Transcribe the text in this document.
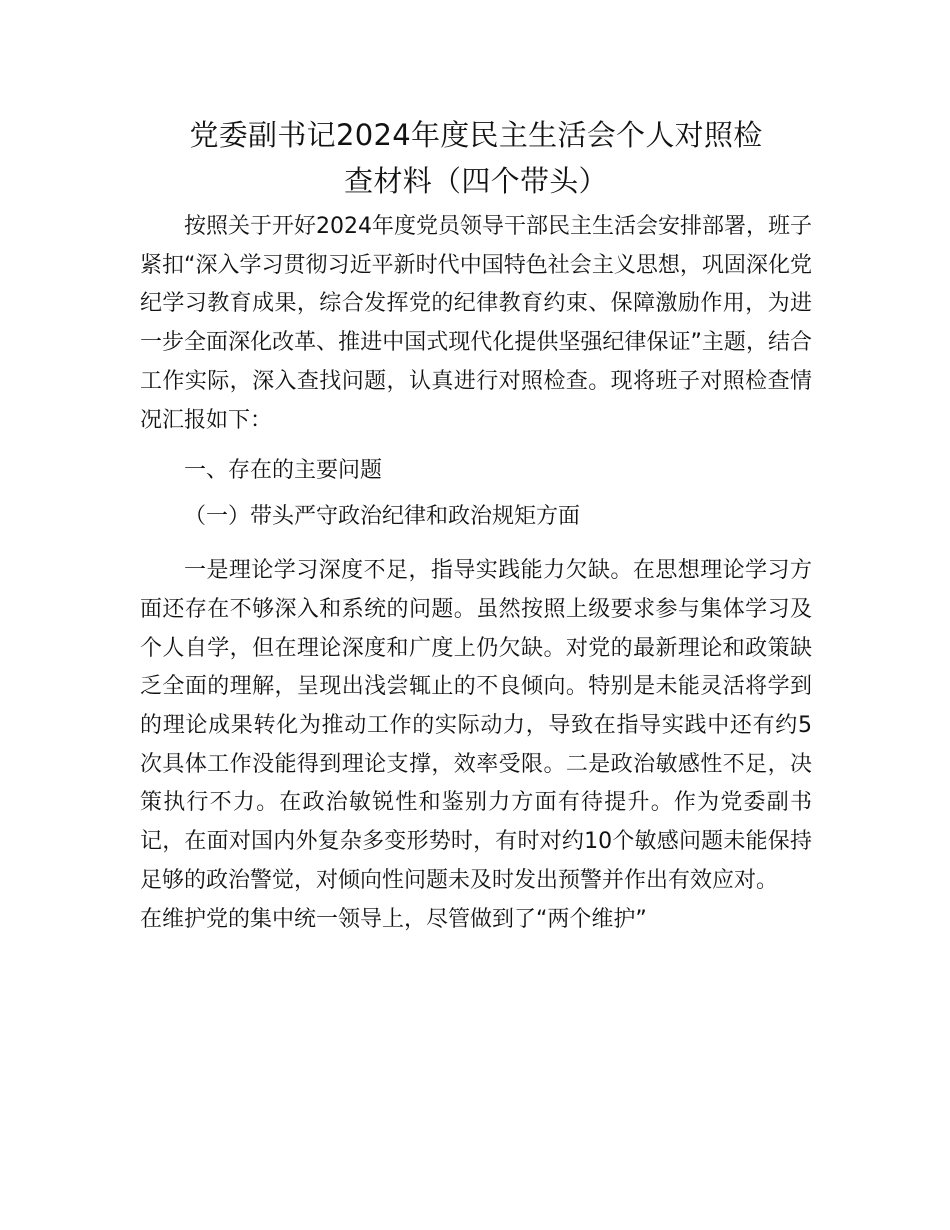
党委副书记2024年度民主生活会个人对照检
查材料（四个带头）

按照关于开好2024年度党员领导干部民主生活会安排部署，班子紧扣“深入学习贯彻习近平新时代中国特色社会主义思想，巩固深化党纪学习教育成果，综合发挥党的纪律教育约束、保障激励作用，为进一步全面深化改革、推进中国式现代化提供坚强纪律保证”主题，结合工作实际，深入查找问题，认真进行对照检查。现将班子对照检查情况汇报如下：

一、存在的主要问题

（一）带头严守政治纪律和政治规矩方面

一是理论学习深度不足，指导实践能力欠缺。在思想理论学习方面还存在不够深入和系统的问题。虽然按照上级要求参与集体学习及个人自学，但在理论深度和广度上仍欠缺。对党的最新理论和政策缺乏全面的理解，呈现出浅尝辄止的不良倾向。特别是未能灵活将学到的理论成果转化为推动工作的实际动力，导致在指导实践中还有约5次具体工作没能得到理论支撑，效率受限。二是政治敏感性不足，决策执行不力。在政治敏锐性和鉴别力方面有待提升。作为党委副书记，在面对国内外复杂多变形势时，有时对约10个敏感问题未能保持足够的政治警觉，对倾向性问题未及时发出预警并作出有效应对。

在维护党的集中统一领导上，尽管做到了“两个维护”
